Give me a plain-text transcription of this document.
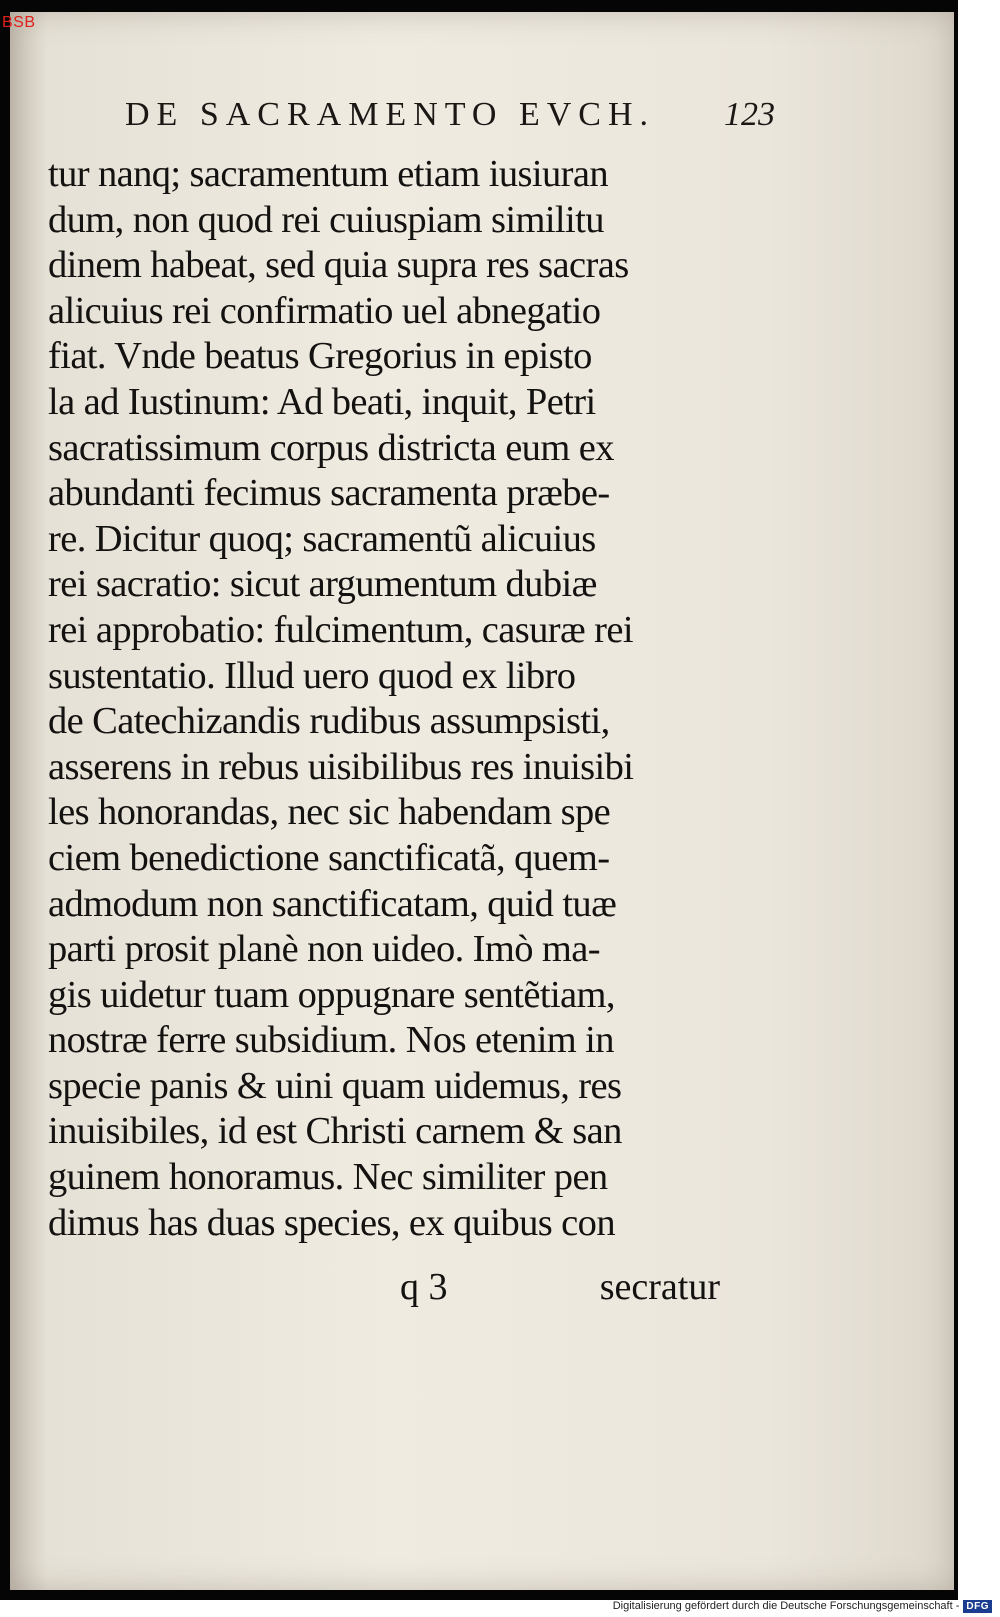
DE SACRAMENTO EVCH. 123
tur nanq; sacramentum etiam iusiuran
dum, non quod rei cuiuspiam similitu
dinem habeat, sed quia supra res sacras
alicuius rei confirmatio uel abnegatio
fiat. Vnde beatus Gregorius in episto
la ad Iustinum: Ad beati, inquit, Petri
sacratissimum corpus districta eum ex
abundanti fecimus sacramenta præbe-
re. Dicitur quoq; sacramentũ alicuius
rei sacratio: sicut argumentum dubiæ
rei approbatio: fulcimentum, casuræ rei
sustentatio. Illud uero quod ex libro
de Catechizandis rudibus assumpsisti,
asserens in rebus uisibilibus res inuisibi
les honorandas, nec sic habendam spe
ciem benedictione sanctificatã, quem-
admodum non sanctificatam, quid tuæ
parti prosit planè non uideo. Imò ma-
gis uidetur tuam oppugnare sentẽtiam,
nostræ ferre subsidium. Nos etenim in
specie panis & uini quam uidemus, res
inuisibiles, id est Christi carnem & san
guinem honoramus. Nec similiter pen
dimus has duas species, ex quibus con
q 3	secratur
BSB
Digitalisierung gefördert durch die Deutsche Forschungsgemeinschaft - DFG
